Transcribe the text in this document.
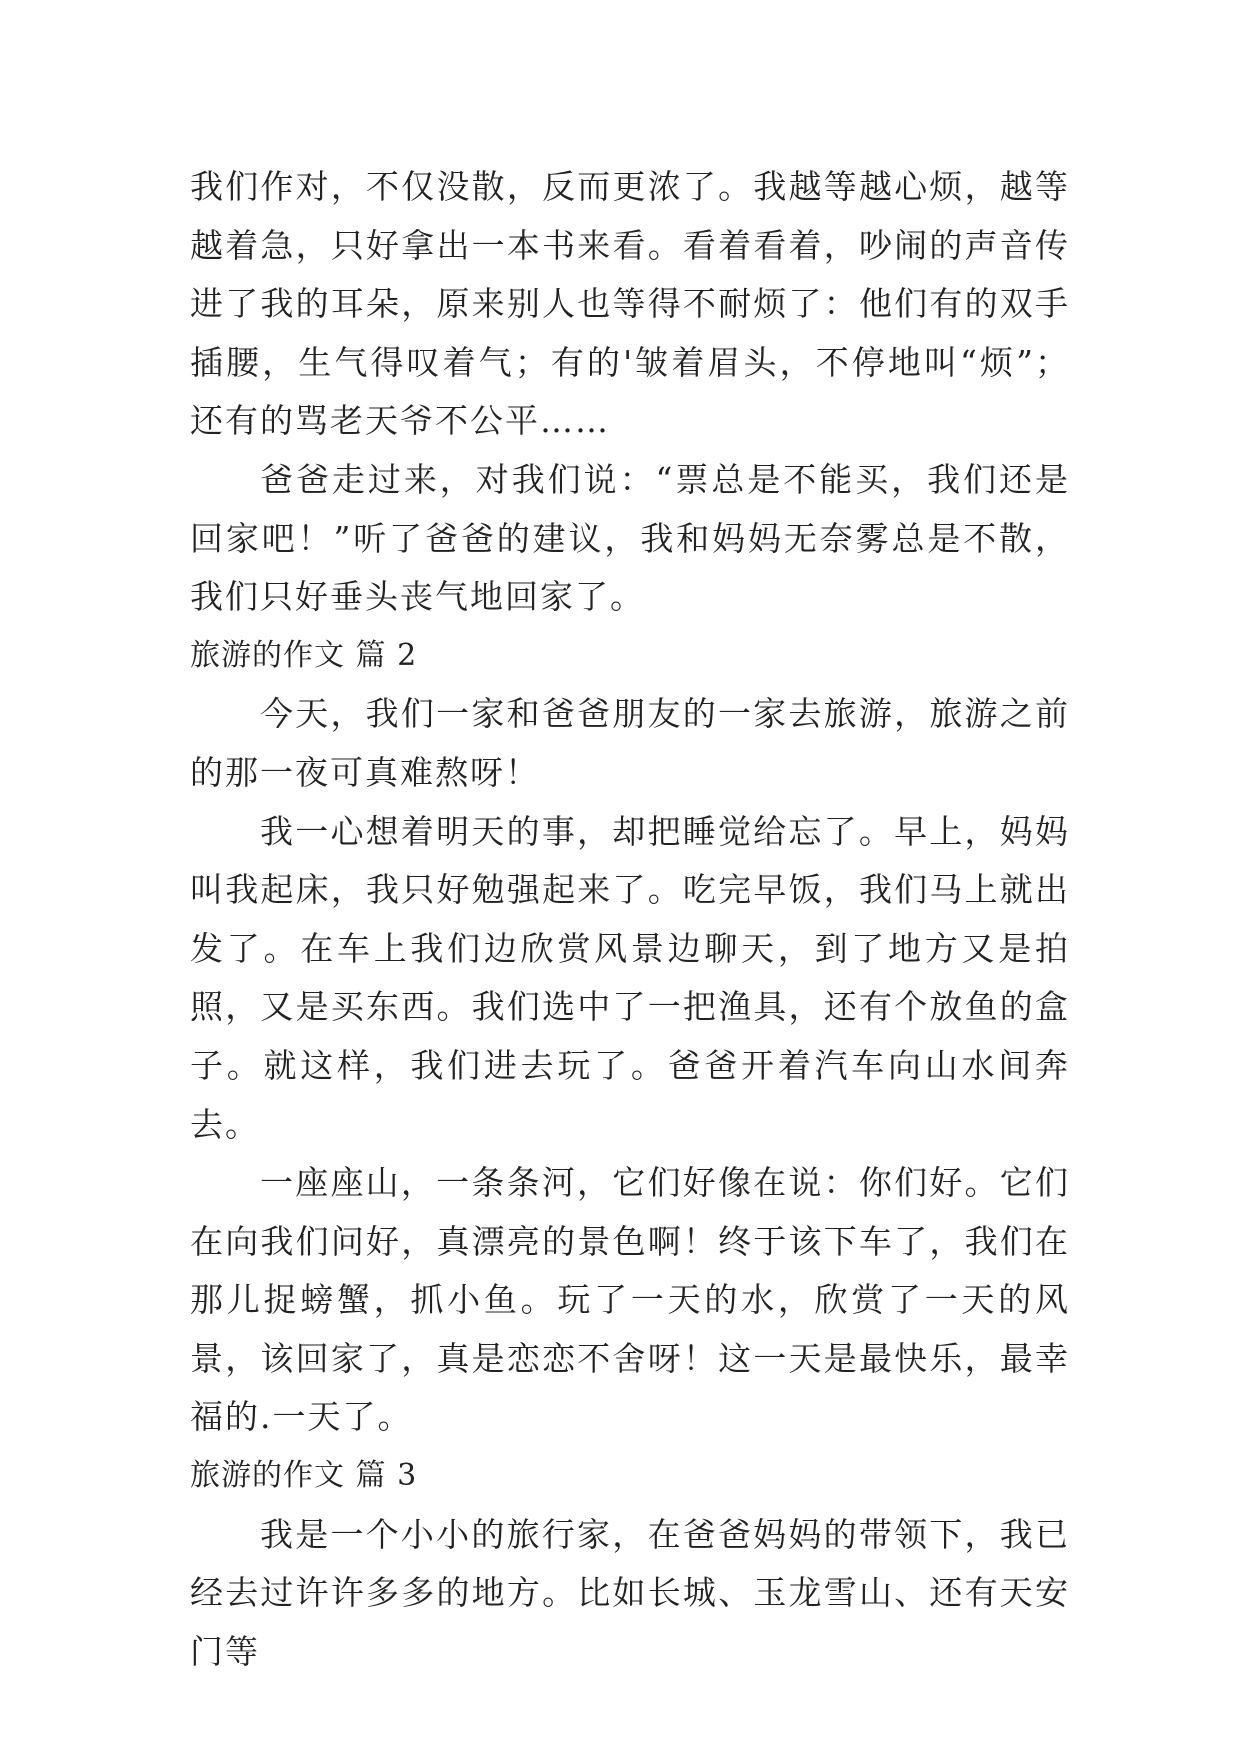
我们作对，不仅没散，反而更浓了。我越等越心烦，越等越着急，只好拿出一本书来看。看着看着，吵闹的声音传进了我的耳朵，原来别人也等得不耐烦了：他们有的双手插腰，生气得叹着气；有的'皱着眉头，不停地叫“烦”；还有的骂老天爷不公平……

爸爸走过来，对我们说：“票总是不能买，我们还是回家吧！”听了爸爸的建议，我和妈妈无奈雾总是不散，我们只好垂头丧气地回家了。

旅游的作文 篇 2

今天，我们一家和爸爸朋友的一家去旅游，旅游之前的那一夜可真难熬呀！

我一心想着明天的事，却把睡觉给忘了。早上，妈妈叫我起床，我只好勉强起来了。吃完早饭，我们马上就出发了。在车上我们边欣赏风景边聊天，到了地方又是拍照，又是买东西。我们选中了一把渔具，还有个放鱼的盒子。就这样，我们进去玩了。爸爸开着汽车向山水间奔去。

一座座山，一条条河，它们好像在说：你们好。它们在向我们问好，真漂亮的景色啊！终于该下车了，我们在那儿捉螃蟹，抓小鱼。玩了一天的水，欣赏了一天的风景，该回家了，真是恋恋不舍呀！这一天是最快乐，最幸福的.一天了。

旅游的作文 篇 3

我是一个小小的旅行家，在爸爸妈妈的带领下，我已经去过许许多多的地方。比如长城、玉龙雪山、还有天安门等
